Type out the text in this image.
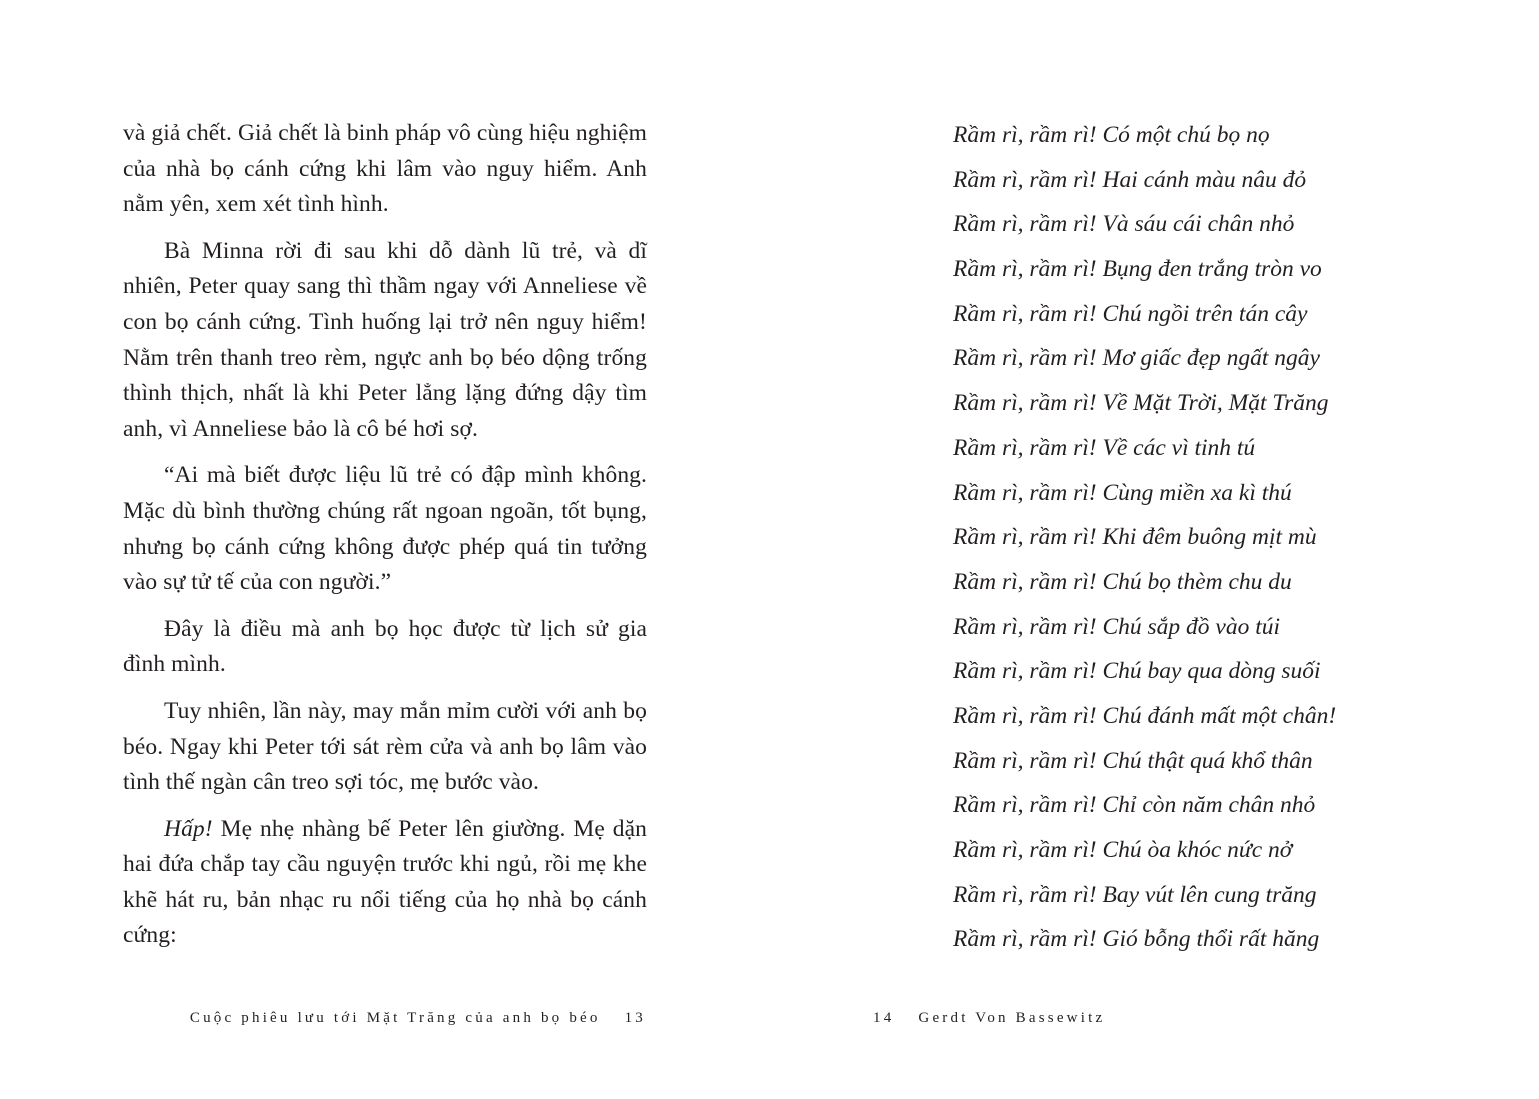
và giả chết. Giả chết là binh pháp vô cùng hiệu nghiệm của nhà bọ cánh cứng khi lâm vào nguy hiểm. Anh nằm yên, xem xét tình hình.

Bà Minna rời đi sau khi dỗ dành lũ trẻ, và dĩ nhiên, Peter quay sang thì thầm ngay với Anneliese về con bọ cánh cứng. Tình huống lại trở nên nguy hiểm! Nằm trên thanh treo rèm, ngực anh bọ béo dộng trống thình thịch, nhất là khi Peter lẳng lặng đứng dậy tìm anh, vì Anneliese bảo là cô bé hơi sợ.

“Ai mà biết được liệu lũ trẻ có đập mình không. Mặc dù bình thường chúng rất ngoan ngoãn, tốt bụng, nhưng bọ cánh cứng không được phép quá tin tưởng vào sự tử tế của con người.”

Đây là điều mà anh bọ học được từ lịch sử gia đình mình.

Tuy nhiên, lần này, may mắn mỉm cười với anh bọ béo. Ngay khi Peter tới sát rèm cửa và anh bọ lâm vào tình thế ngàn cân treo sợi tóc, mẹ bước vào.

Hấp! Mẹ nhẹ nhàng bế Peter lên giường. Mẹ dặn hai đứa chắp tay cầu nguyện trước khi ngủ, rồi mẹ khe khẽ hát ru, bản nhạc ru nổi tiếng của họ nhà bọ cánh cứng:

Cuộc phiêu lưu tới Mặt Trăng của anh bọ béo 13
Rầm rì, rầm rì! Có một chú bọ nọ
Rầm rì, rầm rì! Hai cánh màu nâu đỏ
Rầm rì, rầm rì! Và sáu cái chân nhỏ
Rầm rì, rầm rì! Bụng đen trắng tròn vo
Rầm rì, rầm rì! Chú ngồi trên tán cây
Rầm rì, rầm rì! Mơ giấc đẹp ngất ngây
Rầm rì, rầm rì! Về Mặt Trời, Mặt Trăng
Rầm rì, rầm rì! Về các vì tinh tú
Rầm rì, rầm rì! Cùng miền xa kì thú
Rầm rì, rầm rì! Khi đêm buông mịt mù
Rầm rì, rầm rì! Chú bọ thèm chu du
Rầm rì, rầm rì! Chú sắp đồ vào túi
Rầm rì, rầm rì! Chú bay qua dòng suối
Rầm rì, rầm rì! Chú đánh mất một chân!
Rầm rì, rầm rì! Chú thật quá khổ thân
Rầm rì, rầm rì! Chỉ còn năm chân nhỏ
Rầm rì, rầm rì! Chú òa khóc nức nở
Rầm rì, rầm rì! Bay vút lên cung trăng
Rầm rì, rầm rì! Gió bỗng thổi rất hăng
14 Gerdt Von Bassewitz
